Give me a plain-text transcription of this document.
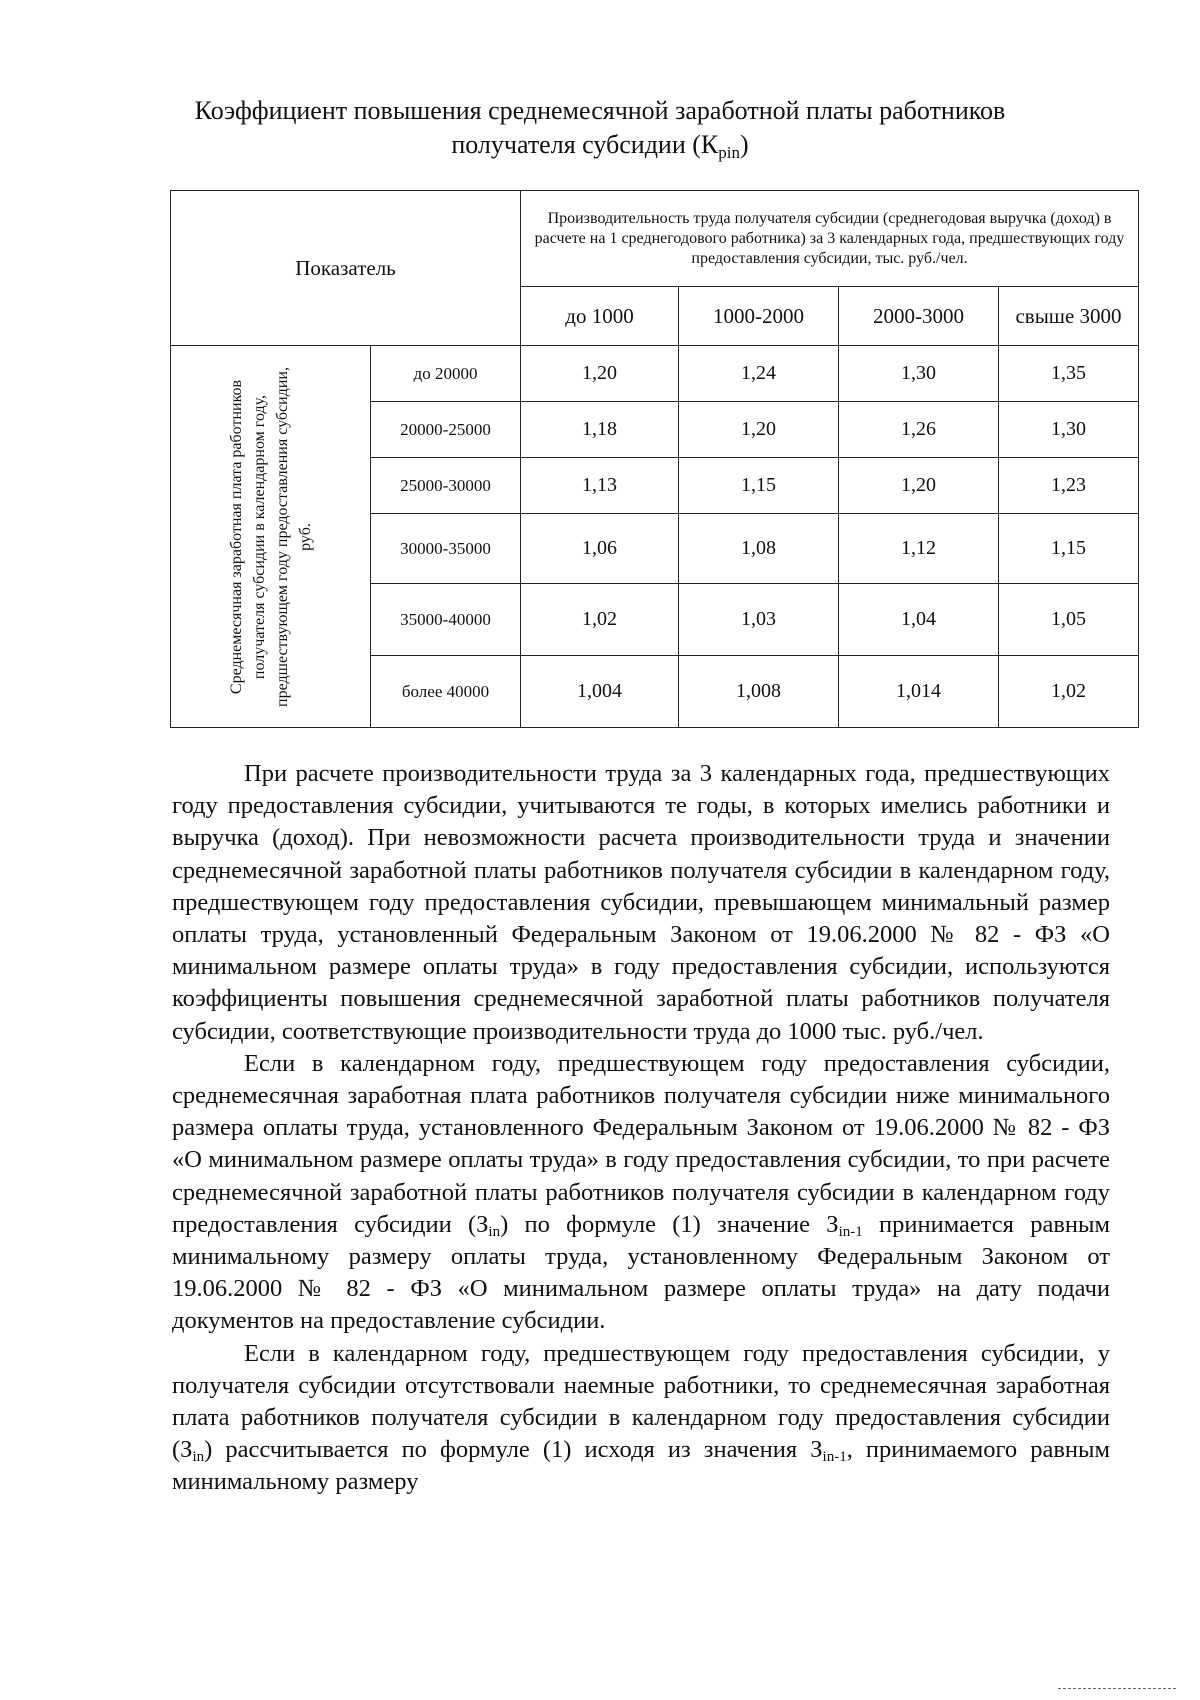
Коэффициент повышения среднемесячной заработной платы работников
получателя субсидии $(К_{pin})$
Показатель		Производительность труда получателя субсидии (среднегодовая выручка (доход) в расчете на 1 среднегодового работника) за 3 календарных года, предшествующих году предоставления субсидии, тыс. руб./чел.			
		до 1000	1000-2000	2000-3000	свыше 3000

Среднемесячная заработная плата работников получателя субсидии в календарном году, предшествующем году предоставления субсидии, руб.	до 20000	1,20	1,24	1,30	1,35
	20000-25000	1,18	1,20	1,26	1,30
	25000-30000	1,13	1,15	1,20	1,23
	30000-35000	1,06	1,08	1,12	1,15
	35000-40000	1,02	1,03	1,04	1,05
	более 40000	1,004	1,008	1,014	1,02

При расчете производительности труда за 3 календарных года, предшествующих году предоставления субсидии, учитываются те годы, в которых имелись работники и выручка (доход). При невозможности расчета производительности труда и значении среднемесячной заработной платы работников получателя субсидии в календарном году, предшествующем году предоставления субсидии, превышающем минимальный размер оплаты труда, установленный Федеральным Законом от 19.06.2000 № 82 - ФЗ «О минимальном размере оплаты труда» в году предоставления субсидии, используются коэффициенты повышения среднемесячной заработной платы работников получателя субсидии, соответствующие производительности труда до 1000 тыс. руб./чел.

Если в календарном году, предшествующем году предоставления субсидии, среднемесячная заработная плата работников получателя субсидии ниже минимального размера оплаты труда, установленного Федеральным Законом от 19.06.2000 № 82 - ФЗ «О минимальном размере оплаты труда» в году предоставления субсидии, то при расчете среднемесячной заработной платы работников получателя субсидии в календарном году предоставления субсидии $(З_{in})$ по формуле (1) значение $З_{in-1}$ принимается равным минимальному размеру оплаты труда, установленному Федеральным Законом от 19.06.2000 № 82 - ФЗ «О минимальном размере оплаты труда» на дату подачи документов на предоставление субсидии.

Если в календарном году, предшествующем году предоставления субсидии, у получателя субсидии отсутствовали наемные работники, то среднемесячная заработная плата работников получателя субсидии в календарном году предоставления субсидии $(З_{in})$ рассчитывается по формуле (1) исходя из значения $З_{in-1}$, принимаемого равным минимальному размеру
